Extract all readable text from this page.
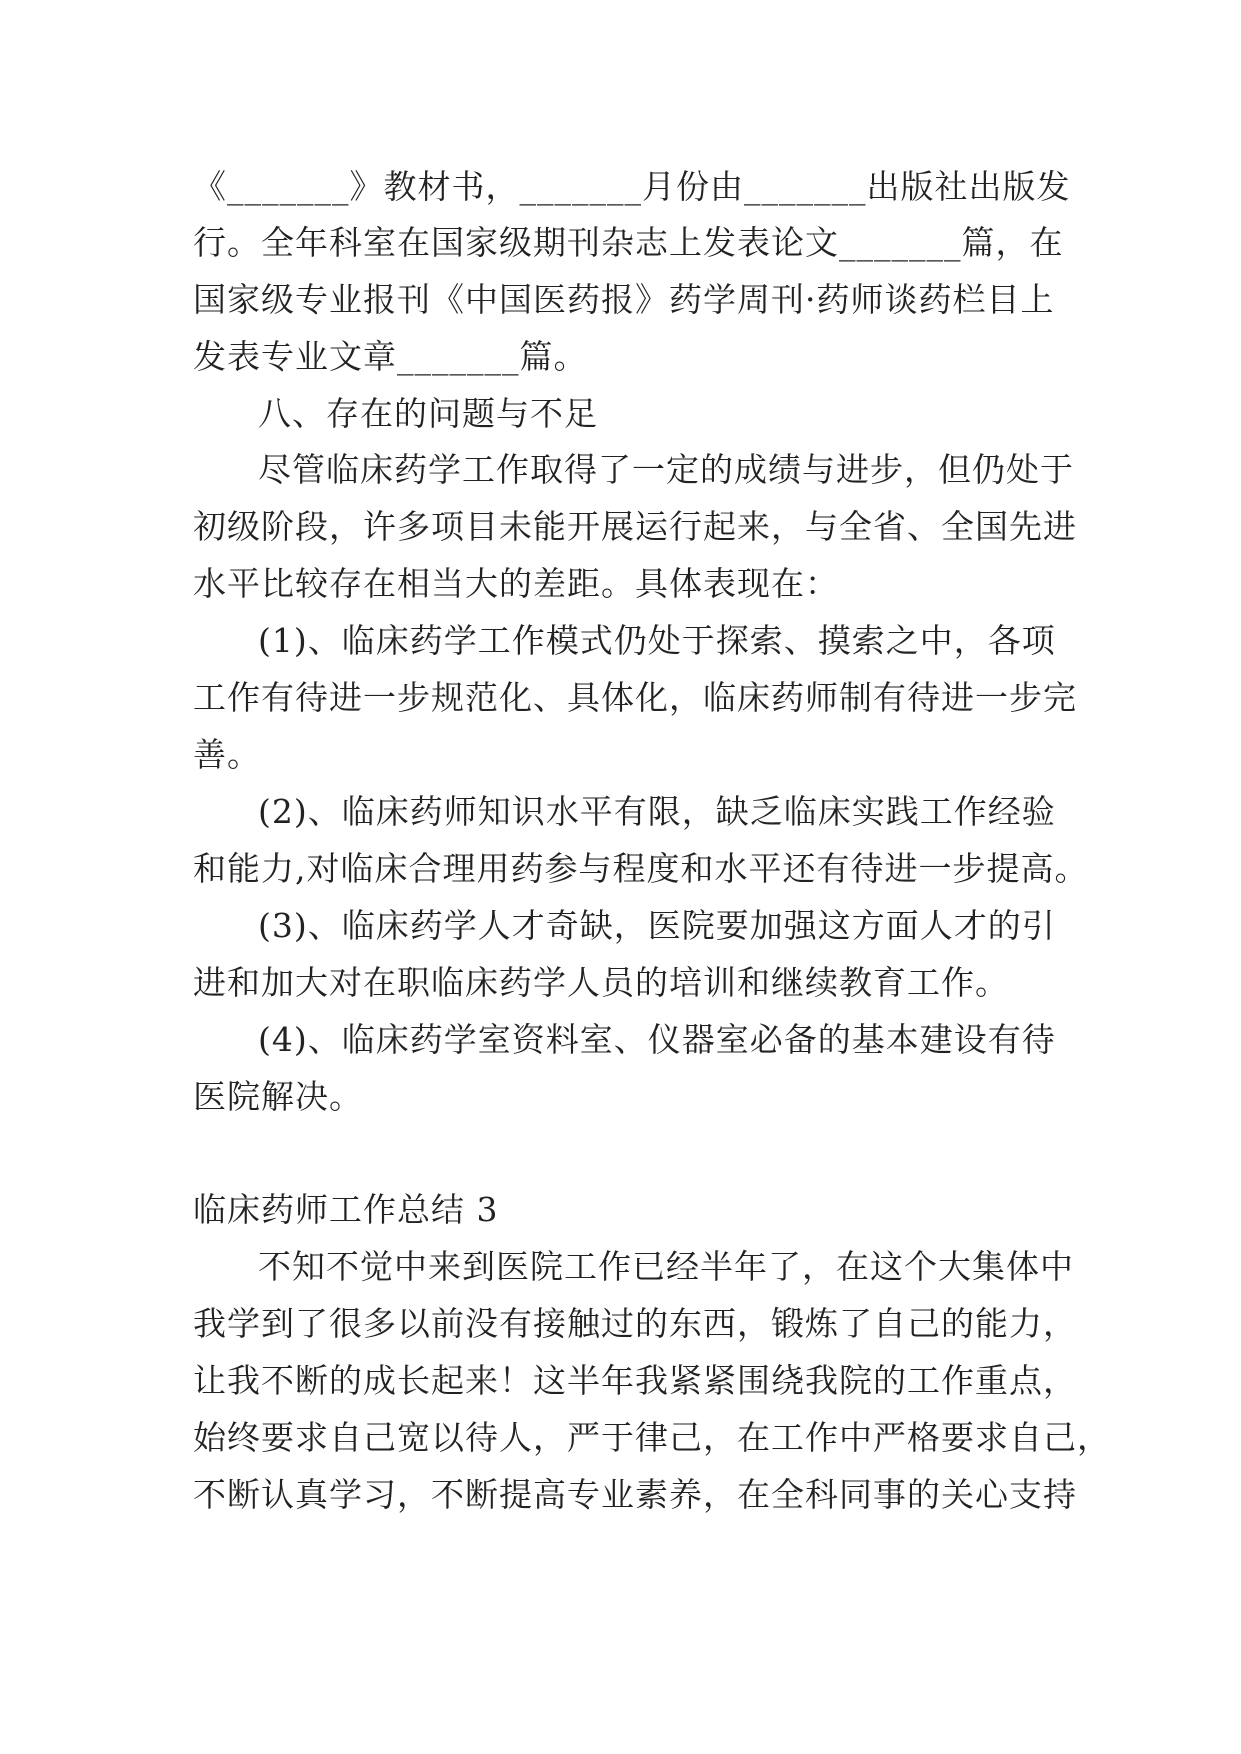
《_______》教材书，_______月份由_______出版社出版发
行。全年科室在国家级期刊杂志上发表论文_______篇，在
国家级专业报刊《中国医药报》药学周刊·药师谈药栏目上
发表专业文章_______篇。
八、存在的问题与不足
尽管临床药学工作取得了一定的成绩与进步，但仍处于
初级阶段，许多项目未能开展运行起来，与全省、全国先进
水平比较存在相当大的差距。具体表现在：
(1)、临床药学工作模式仍处于探索、摸索之中，各项
工作有待进一步规范化、具体化，临床药师制有待进一步完
善。
(2)、临床药师知识水平有限，缺乏临床实践工作经验
和能力,对临床合理用药参与程度和水平还有待进一步提高。
(3)、临床药学人才奇缺，医院要加强这方面人才的引
进和加大对在职临床药学人员的培训和继续教育工作。
(4)、临床药学室资料室、仪器室必备的基本建设有待
医院解决。
临床药师工作总结 3
不知不觉中来到医院工作已经半年了，在这个大集体中
我学到了很多以前没有接触过的东西，锻炼了自己的能力，
让我不断的成长起来！这半年我紧紧围绕我院的工作重点，
始终要求自己宽以待人，严于律己，在工作中严格要求自己，
不断认真学习，不断提高专业素养，在全科同事的关心支持
